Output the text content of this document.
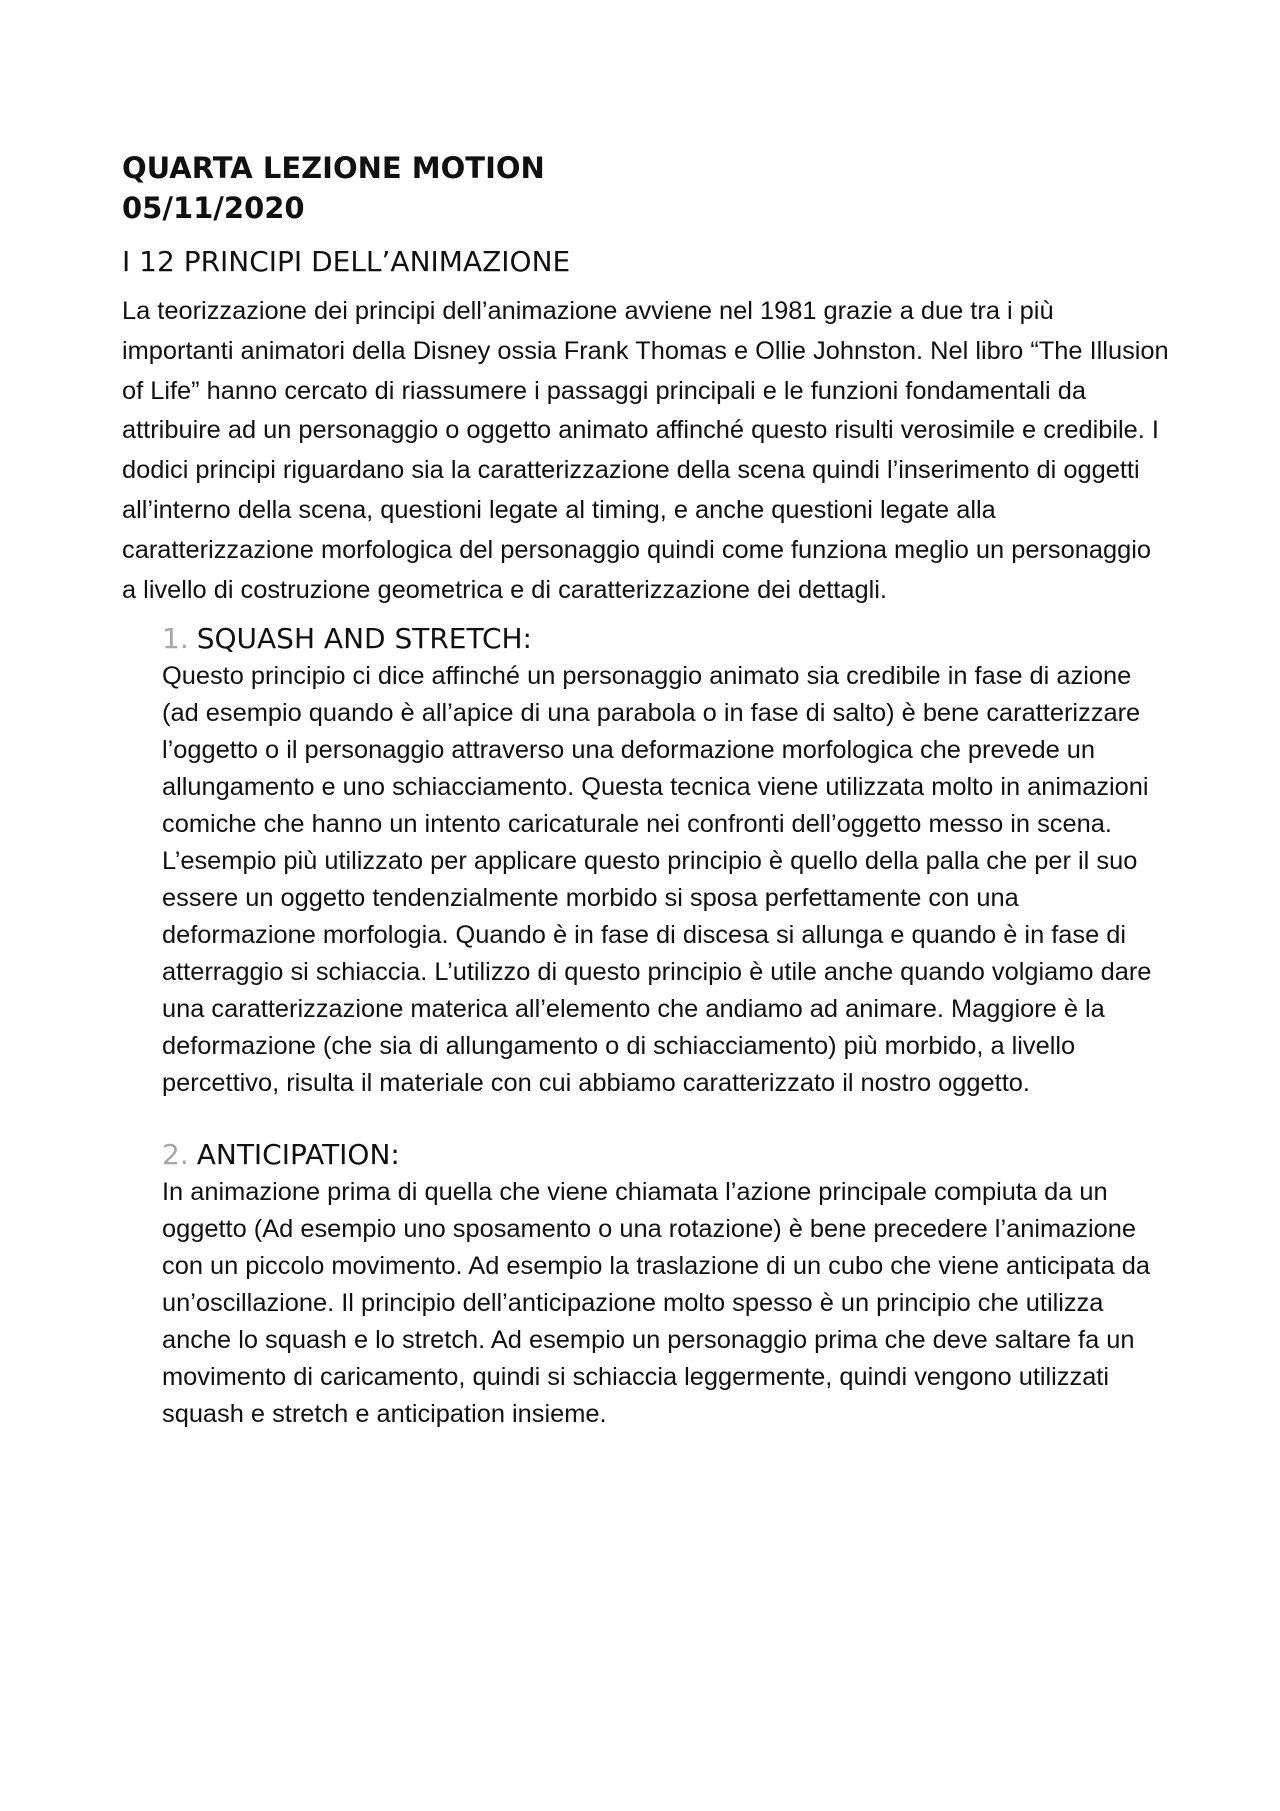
QUARTA LEZIONE MOTION
05/11/2020
I 12 PRINCIPI DELL’ANIMAZIONE

La teorizzazione dei principi dell’animazione avviene nel 1981 grazie a due tra i più importanti animatori della Disney ossia Frank Thomas e Ollie Johnston. Nel libro “The Illusion of Life” hanno cercato di riassumere i passaggi principali e le funzioni fondamentali da attribuire ad un personaggio o oggetto animato affinché questo risulti verosimile e credibile. I dodici principi riguardano sia la caratterizzazione della scena quindi l’inserimento di oggetti all’interno della scena, questioni legate al timing, e anche questioni legate alla caratterizzazione morfologica del personaggio quindi come funziona meglio un personaggio a livello di costruzione geometrica e di caratterizzazione dei dettagli.

1. SQUASH AND STRETCH:

Questo principio ci dice affinché un personaggio animato sia credibile in fase di azione (ad esempio quando è all’apice di una parabola o in fase di salto) è bene caratterizzare l’oggetto o il personaggio attraverso una deformazione morfologica che prevede un allungamento e uno schiacciamento. Questa tecnica viene utilizzata molto in animazioni comiche che hanno un intento caricaturale nei confronti dell’oggetto messo in scena. L’esempio più utilizzato per applicare questo principio è quello della palla che per il suo essere un oggetto tendenzialmente morbido si sposa perfettamente con una deformazione morfologia. Quando è in fase di discesa si allunga e quando è in fase di atterraggio si schiaccia. L’utilizzo di questo principio è utile anche quando volgiamo dare una caratterizzazione materica all’elemento che andiamo ad animare. Maggiore è la deformazione (che sia di allungamento o di schiacciamento) più morbido, a livello percettivo, risulta il materiale con cui abbiamo caratterizzato il nostro oggetto.

2. ANTICIPATION:

In animazione prima di quella che viene chiamata l’azione principale compiuta da un oggetto (Ad esempio uno sposamento o una rotazione) è bene precedere l’animazione con un piccolo movimento. Ad esempio la traslazione di un cubo che viene anticipata da un’oscillazione. Il principio dell’anticipazione molto spesso è un principio che utilizza anche lo squash e lo stretch. Ad esempio un personaggio prima che deve saltare fa un movimento di caricamento, quindi si schiaccia leggermente, quindi vengono utilizzati squash e stretch e anticipation insieme.
